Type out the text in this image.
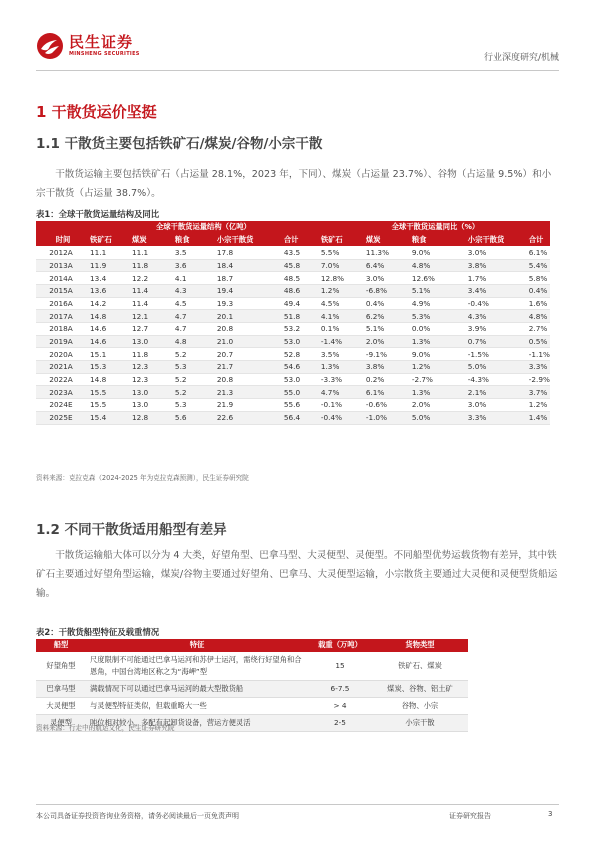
民生证券
MINSHENG SECURITIES	行业深度研究/机械
1 干散货运价坚挺
1.1 干散货主要包括铁矿石/煤炭/谷物/小宗干散
干散货运输主要包括铁矿石（占运量 28.1%，2023 年，下同）、煤炭（占运量 23.7%）、谷物（占运量 9.5%）和小宗干散货（占运量 38.7%）。
表1：全球干散货运量结构及同比
	全球干散货运量结构（亿吨）					全球干散货运量同比（%）				
时间	铁矿石	煤炭	粮食	小宗干散货	合计	铁矿石	煤炭	粮食	小宗干散货	合计
2012A	11.1	11.1	3.5	17.8	43.5	5.5%	11.3%	9.0%	3.0%	6.1%
2013A	11.9	11.8	3.6	18.4	45.8	7.0%	6.4%	4.8%	3.8%	5.4%
2014A	13.4	12.2	4.1	18.7	48.5	12.8%	3.0%	12.6%	1.7%	5.8%
2015A	13.6	11.4	4.3	19.4	48.6	1.2%	-6.8%	5.1%	3.4%	0.4%
2016A	14.2	11.4	4.5	19.3	49.4	4.5%	0.4%	4.9%	-0.4%	1.6%
2017A	14.8	12.1	4.7	20.1	51.8	4.1%	6.2%	5.3%	4.3%	4.8%
2018A	14.6	12.7	4.7	20.8	53.2	0.1%	5.1%	0.0%	3.9%	2.7%
2019A	14.6	13.0	4.8	21.0	53.0	-1.4%	2.0%	1.3%	0.7%	0.5%
2020A	15.1	11.8	5.2	20.7	52.8	3.5%	-9.1%	9.0%	-1.5%	-1.1%
2021A	15.3	12.3	5.3	21.7	54.6	1.3%	3.8%	1.2%	5.0%	3.3%
2022A	14.8	12.3	5.2	20.8	53.0	-3.3%	0.2%	-2.7%	-4.3%	-2.9%
2023A	15.5	13.0	5.2	21.3	55.0	4.7%	6.1%	1.3%	2.1%	3.7%
2024E	15.5	13.0	5.3	21.9	55.6	-0.1%	-0.6%	2.0%	3.0%	1.2%
2025E	15.4	12.8	5.6	22.6	56.4	-0.4%	-1.0%	5.0%	3.3%	1.4%
资料来源：克拉克森（2024-2025 年为克拉克森预测），民生证券研究院
1.2 不同干散货适用船型有差异
干散货运输船大体可以分为 4 大类，好望角型、巴拿马型、大灵便型、灵便型。不同船型优势运载货物有差异，其中铁矿石主要通过好望角型运输，煤炭/谷物主要通过好望角、巴拿马、大灵便型运输，小宗散货主要通过大灵便和灵便型货船运输。
表2：干散货船型特征及载重情况
船型	特征	载重（万吨）	货物类型
好望角型	尺度限制不可能通过巴拿马运河和苏伊士运河，需绕行好望角和合恩角，中国台湾地区称之为“海岬”型	15	铁矿石、煤炭
巴拿马型	满载情况下可以通过巴拿马运河的最大型散货船	6-7.5	煤炭、谷物、铝土矿
大灵便型	与灵便型特征类似，但载重略大一些	> 4	谷物、小宗
灵便型	吨位相对较小，多配有起卸货设备，营运方便灵活	2-5	小宗干散
资料来源：行走中的航运文化，民生证券研究院
本公司具备证券投资咨询业务资格，请务必阅读最后一页免责声明	证券研究报告	3
